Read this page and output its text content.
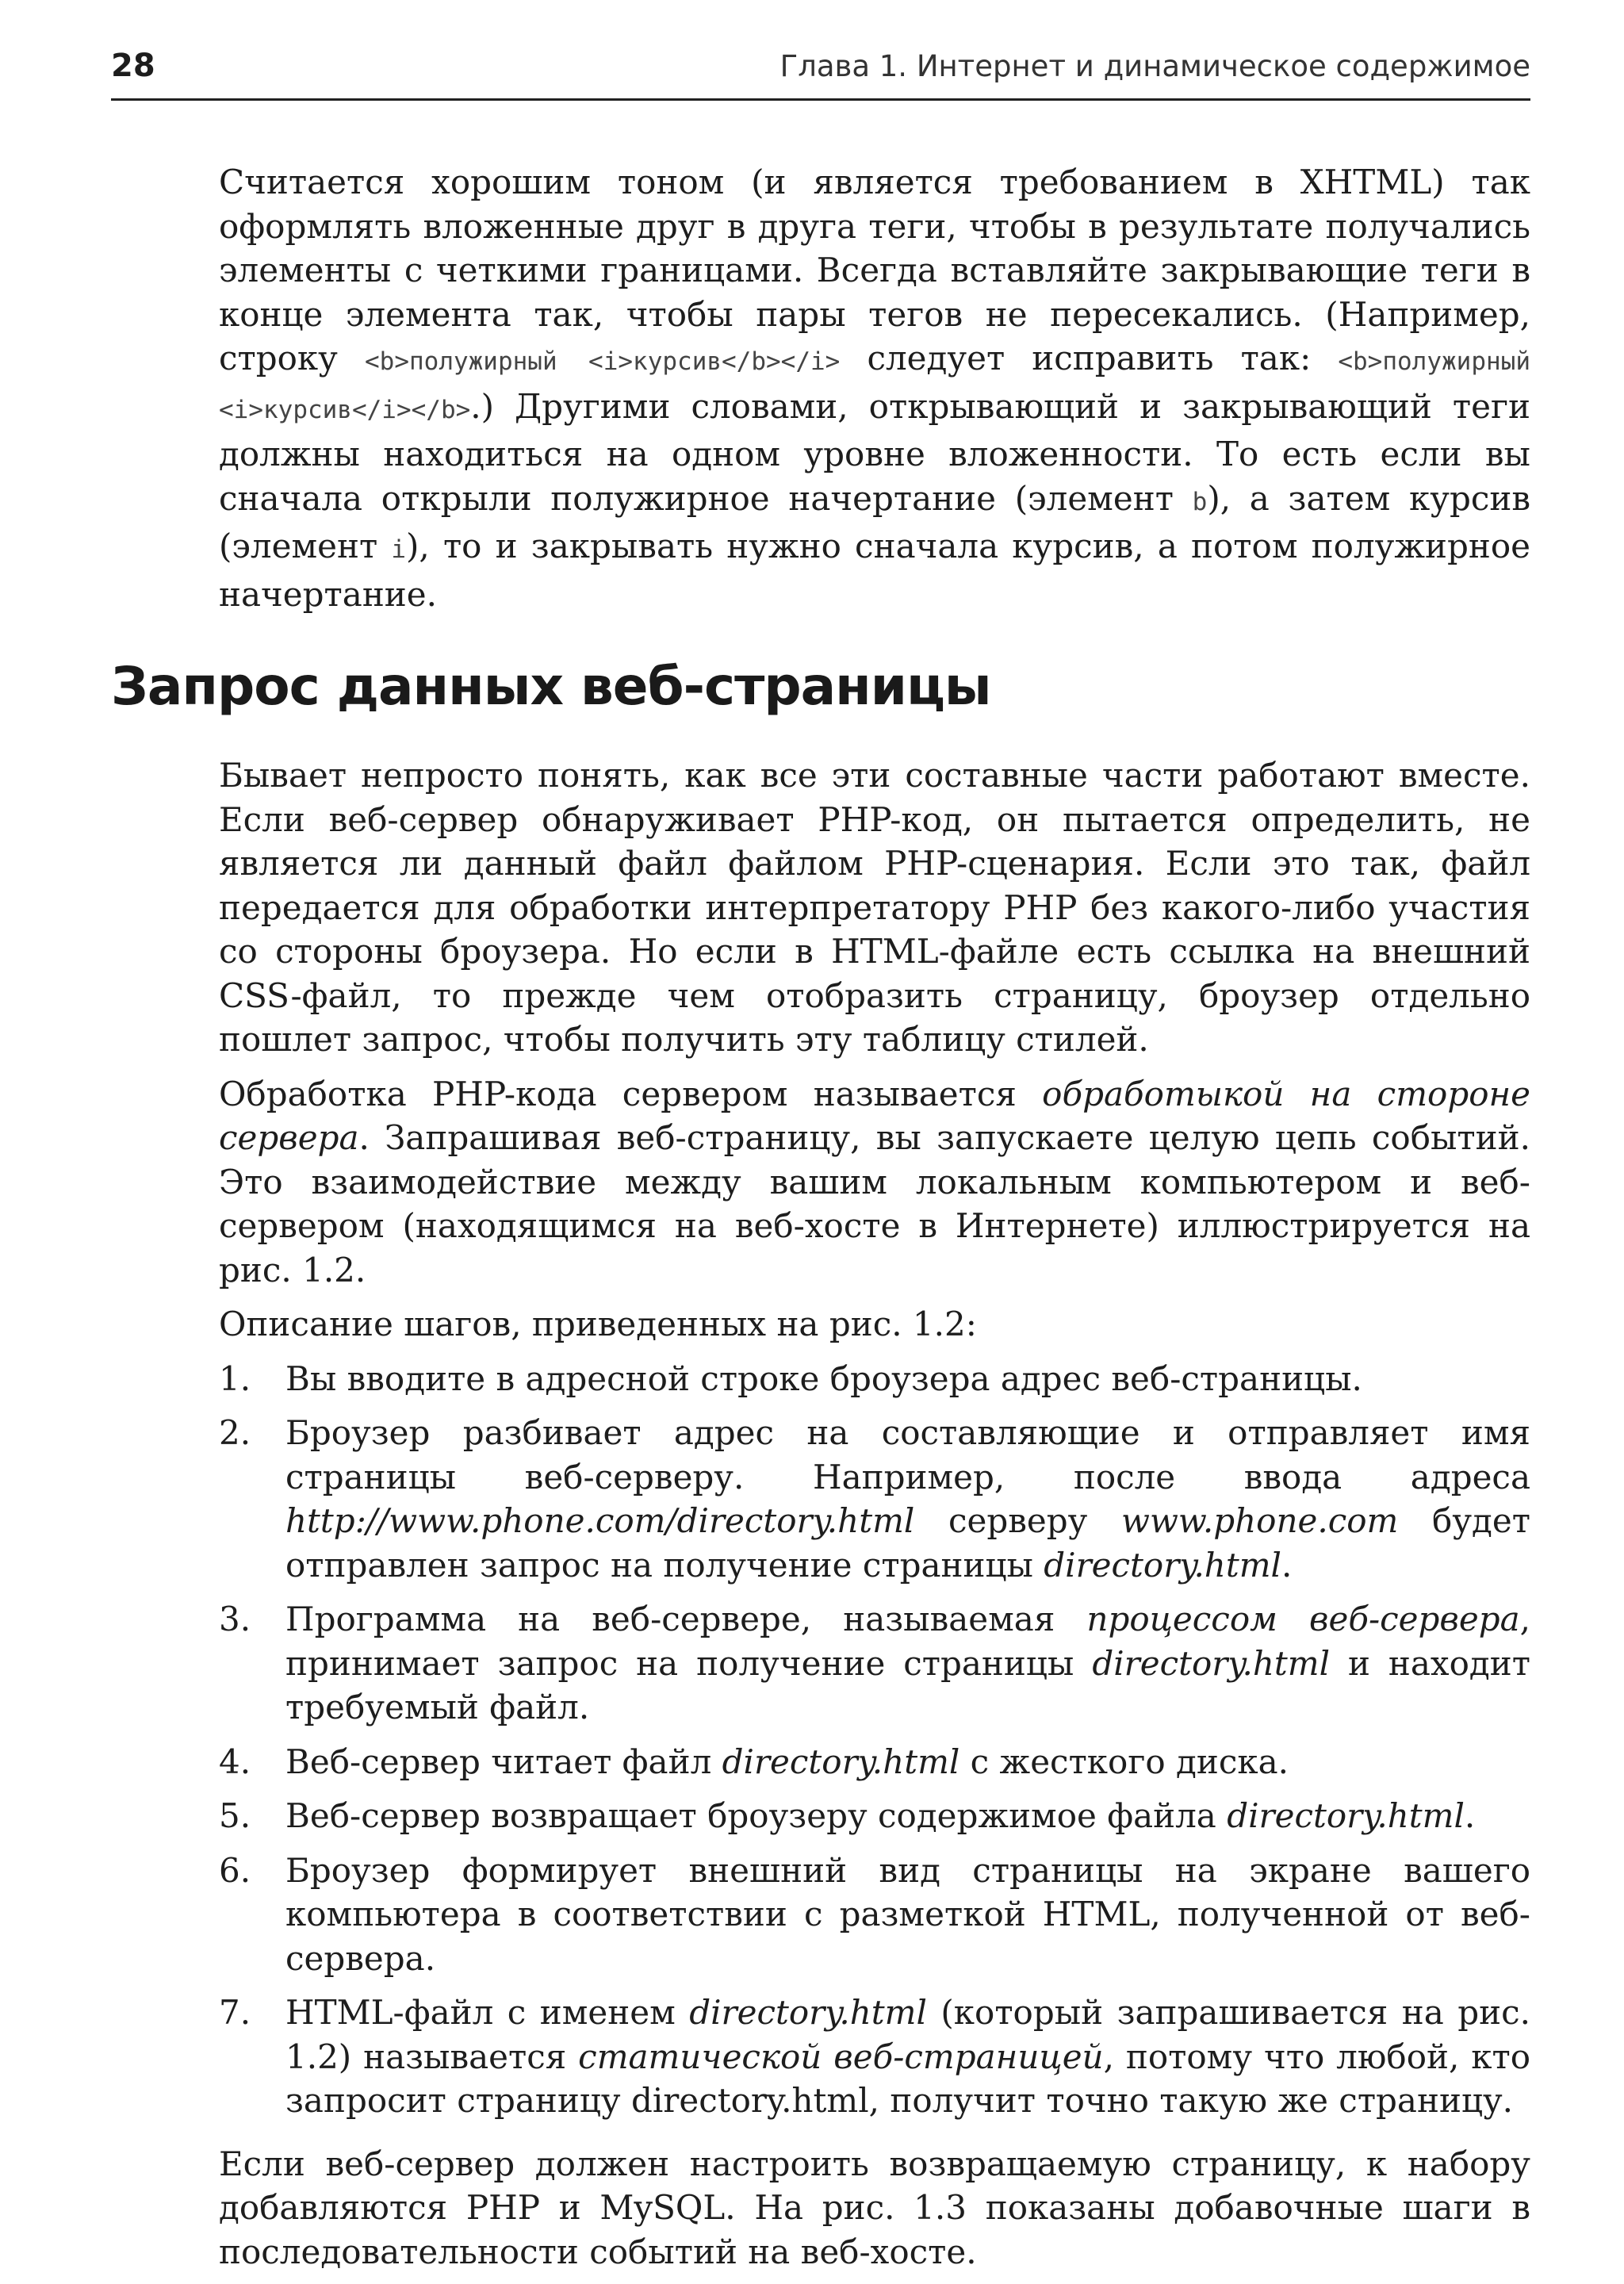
28	Глава 1. Интернет и динамическое содержимое

Считается хорошим тоном (и является требованием в XHTML) так оформлять вложенные друг в друга теги, чтобы в результате получались элементы с четкими границами. Всегда вставляйте закрывающие теги в конце элемента так, чтобы пары тегов не пересекались. (Например, строку <b>полужирный <i>курсив</b></i> следует исправить так: <b>полужирный <i>курсив</i></b>.) Другими словами, открывающий и закрывающий теги должны находиться на одном уровне вложенности. То есть если вы сначала открыли полужирное начертание (элемент b), а затем курсив (элемент i), то и закрывать нужно сначала курсив, а потом полужирное начертание.

Запрос данных веб-страницы

Бывает непросто понять, как все эти составные части работают вместе. Если веб-сервер обнаруживает PHP-код, он пытается определить, не является ли данный файл файлом PHP-сценария. Если это так, файл передается для обработки интерпретатору PHP без какого-либо участия со стороны броузера. Но если в HTML-файле есть ссылка на внешний CSS-файл, то прежде чем отобразить страницу, броузер отдельно пошлет запрос, чтобы получить эту таблицу стилей.

Обработка PHP-кода сервером называется обработыкой на стороне сервера. Запрашивая веб-страницу, вы запускаете целую цепь событий. Это взаимодействие между вашим локальным компьютером и веб-сервером (находящимся на веб-хосте в Интернете) иллюстрируется на рис. 1.2.

Описание шагов, приведенных на рис. 1.2:

1.	Вы вводите в адресной строке броузера адрес веб-страницы.
2.	Броузер разбивает адрес на составляющие и отправляет имя страницы веб-серверу. Например, после ввода адреса http://www.phone.com/directory.html серверу www.phone.com будет отправлен запрос на получение страницы directory.html.
3.	Программа на веб-сервере, называемая процессом веб-сервера, принимает запрос на получение страницы directory.html и находит требуемый файл.
4.	Веб-сервер читает файл directory.html с жесткого диска.
5.	Веб-сервер возвращает броузеру содержимое файла directory.html.
6.	Броузер формирует внешний вид страницы на экране вашего компьютера в соответствии с разметкой HTML, полученной от веб-сервера.
7.	HTML-файл с именем directory.html (который запрашивается на рис. 1.2) называется статической веб-страницей, потому что любой, кто запросит страницу directory.html, получит точно такую же страницу.

Если веб-сервер должен настроить возвращаемую страницу, к набору добавляются PHP и MySQL. На рис. 1.3 показаны добавочные шаги в последовательности событий на веб-хосте.
